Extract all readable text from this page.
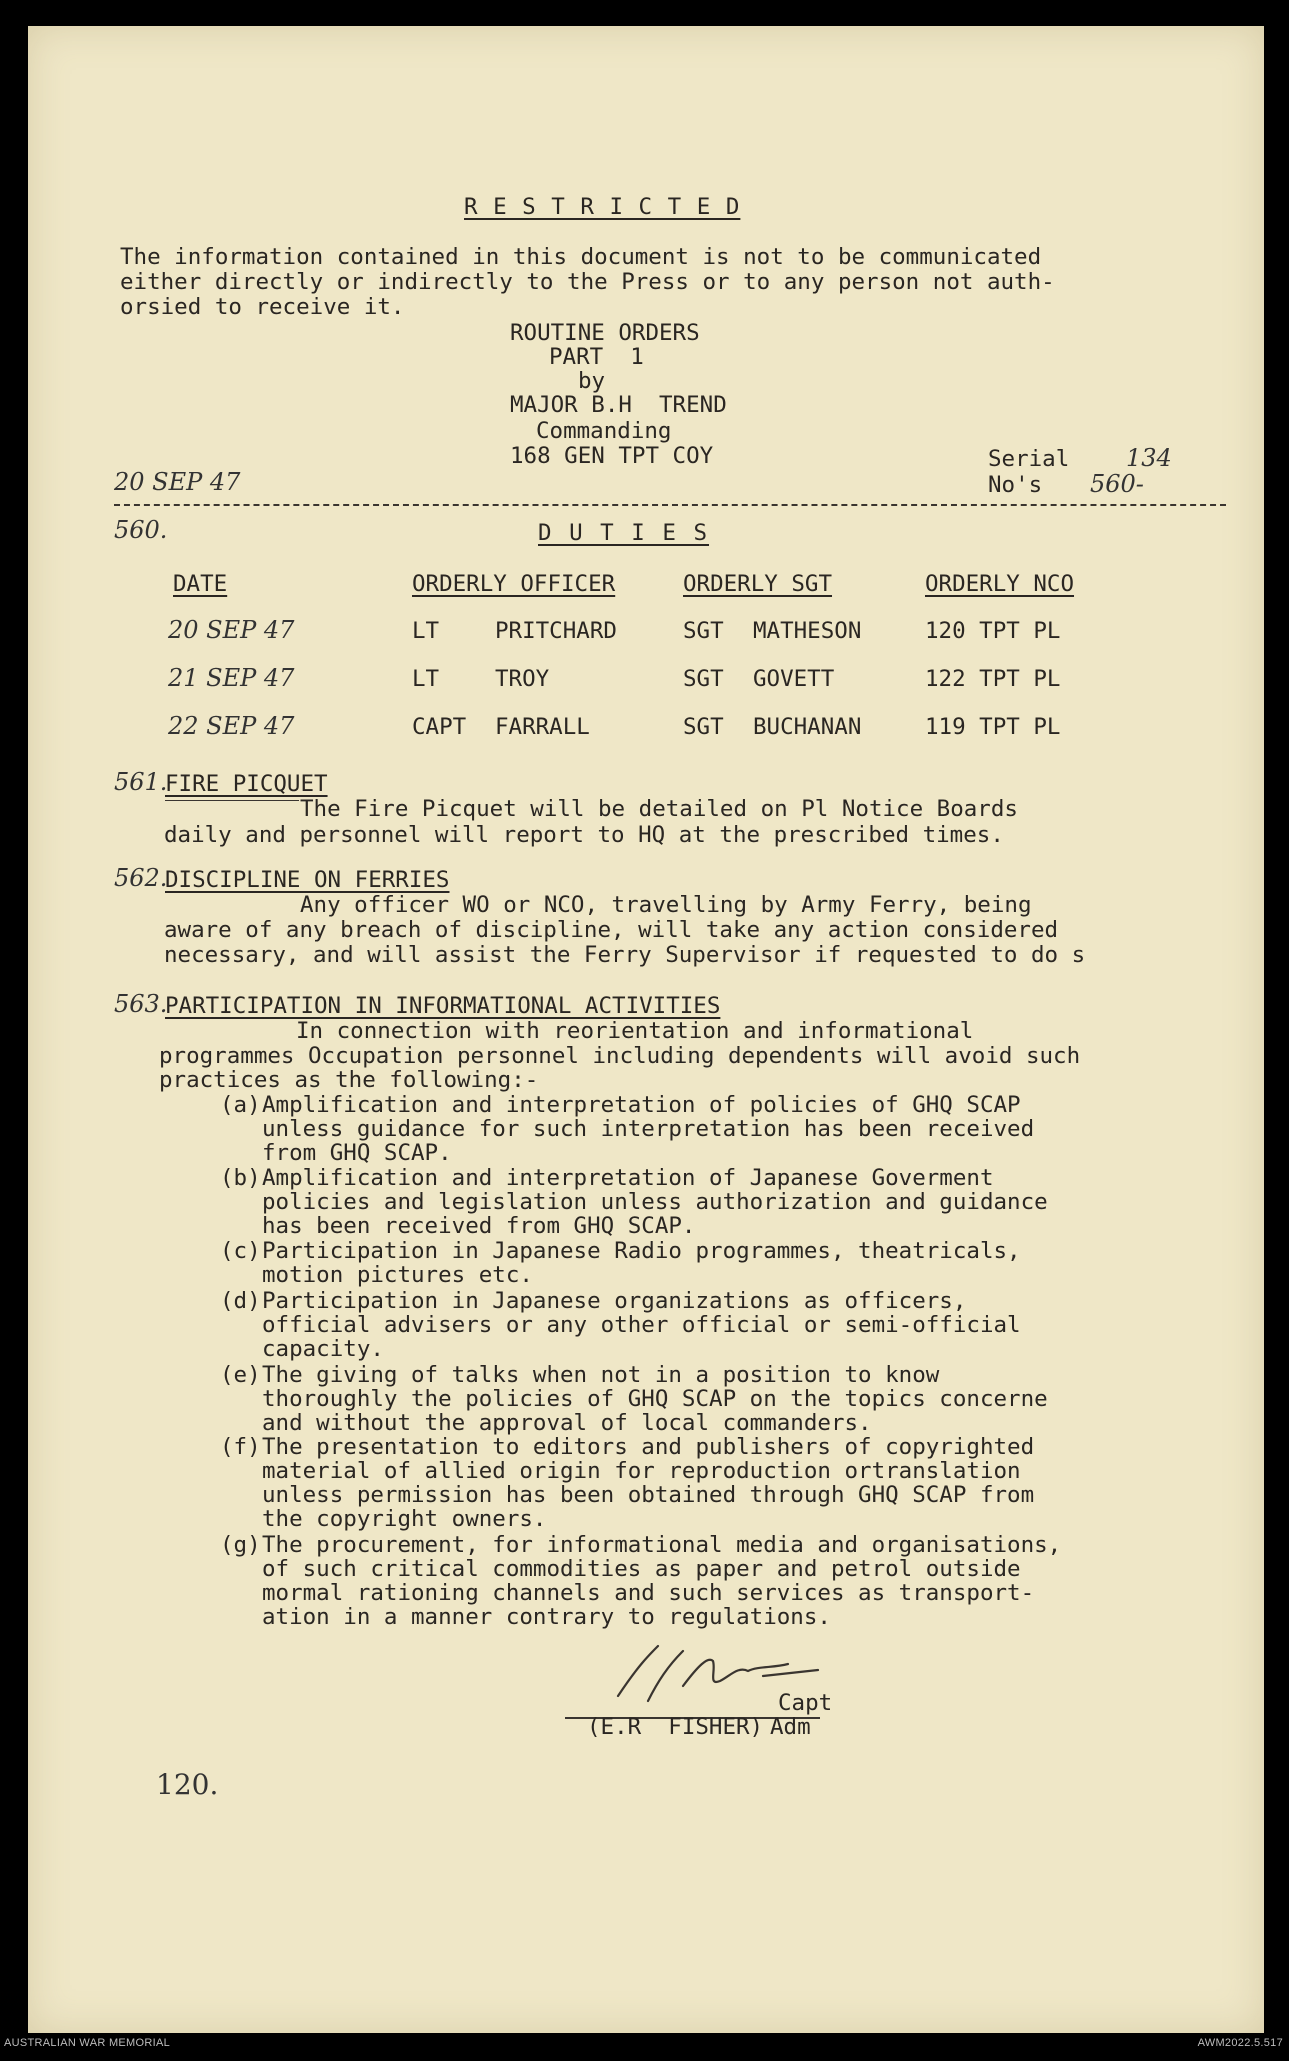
R E S T R I C T E D
The information contained in this document is not to be communicated
either directly or indirectly to the Press or to any person not auth-
orsied to receive it.
ROUTINE ORDERS
PART  1
by
MAJOR B.H  TREND
Commanding
168 GEN TPT COY
20 SEP 47
Serial 134
No's 560-
560.	D U T I E S
DATE	ORDERLY OFFICER	ORDERLY SGT	ORDERLY NCO
20 SEP 47	LT PRITCHARD	SGT MATHESON	120 TPT PL
21 SEP 47	LT TROY	SGT GOVETT	122 TPT PL
22 SEP 47	CAPT FARRALL	SGT BUCHANAN	119 TPT PL
561.
FIRE PICQUET
The Fire Picquet will be detailed on Pl Notice Boards
daily and personnel will report to HQ at the prescribed times.
562.
DISCIPLINE ON FERRIES
Any officer WO or NCO, travelling by Army Ferry, being
aware of any breach of discipline, will take any action considered
necessary, and will assist the Ferry Supervisor if requested to do s
563.
PARTICIPATION IN INFORMATIONAL ACTIVITIES
In connection with reorientation and informational
programmes Occupation personnel including dependents will avoid such
practices as the following:-
(a) Amplification and interpretation of policies of GHQ SCAP
unless guidance for such interpretation has been received
from GHQ SCAP.
(b) Amplification and interpretation of Japanese Goverment
policies and legislation unless authorization and guidance
has been received from GHQ SCAP.
(c) Participation in Japanese Radio programmes, theatricals,
motion pictures etc.
(d) Participation in Japanese organizations as officers,
official advisers or any other official or semi-official
capacity.
(e) The giving of talks when not in a position to know
thoroughly the policies of GHQ SCAP on the topics concerne
and without the approval of local commanders.
(f) The presentation to editors and publishers of copyrighted
material of allied origin for reproduction ortranslation
unless permission has been obtained through GHQ SCAP from
the copyright owners.
(g) The procurement, for informational media and organisations,
of such critical commodities as paper and petrol outside
mormal rationing channels and such services as transport-
ation in a manner contrary to regulations.
Capt
(E.R  FISHER) Adm
120.
AUSTRALIAN WAR MEMORIAL	AWM2022.5.517
